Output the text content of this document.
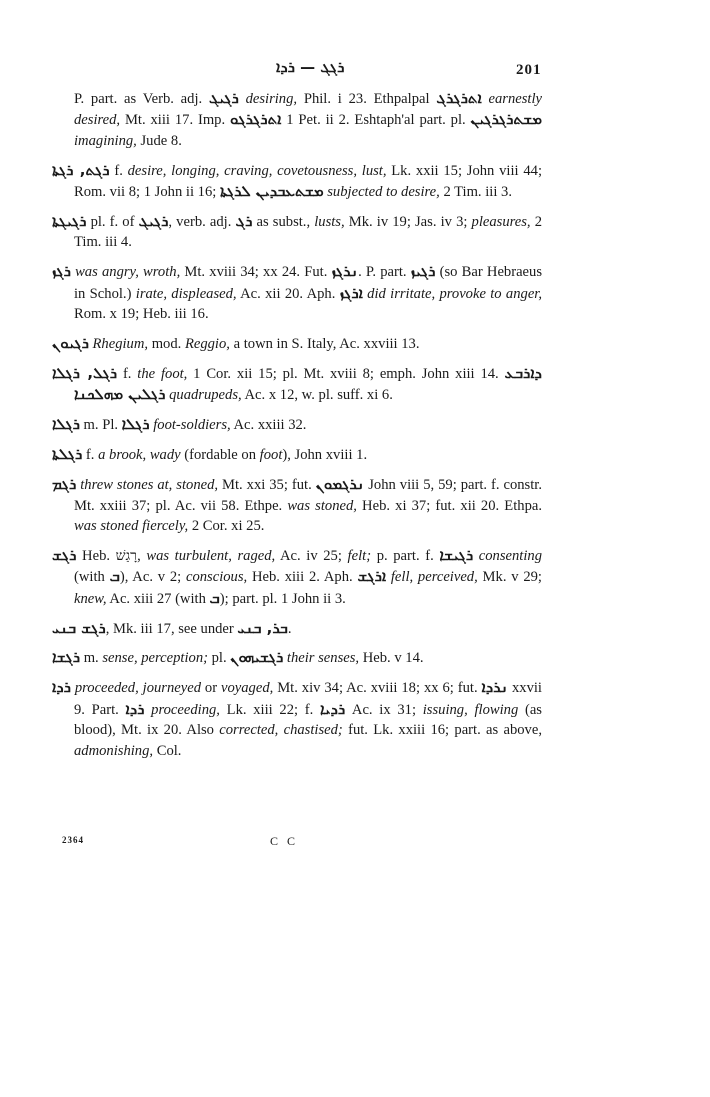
ܪܓܓ — ܪܕܐ	201

P. part. as Verb. adj. ܪܓܝܓ desiring, Phil. i 23. Ethpalpal ܐܬܪܓܪܓ earnestly desired, Mt. xiii 17. Imp. ܐܬܪܓܪܓܘ 1 Pet. ii 2. Eshtaph'al part. pl. ܡܫܬܪܓܪܓܝܢ imagining, Jude 8.

ܪܓܬ, ܪܓܬܐ f. desire, longing, craving, covetousness, lust, Lk. xxii 15; John viii 44; Rom. vii 8; 1 John ii 16; ܡܫܬܥܒܕܝܢ ܠܪܓܬܐ subjected to desire, 2 Tim. iii 3.

ܪܓܝܓܬܐ pl. f. of ܪܓܝܓ, verb. adj. ܪܓ as subst., lusts, Mk. iv 19; Jas. iv 3; pleasures, 2 Tim. iii 4.

ܪܓܙ was angry, wroth, Mt. xviii 34; xx 24. Fut. ܢܪܓܙ. P. part. ܪܓܝܙ (so Bar Hebraeus in Schol.) irate, displeased, Ac. xii 20. Aph. ܐܪܓܙ did irritate, provoke to anger, Rom. x 19; Heb. iii 16.

ܪܓܝܘܢ Rhegium, mod. Reggio, a town in S. Italy, Ac. xxviii 13.

ܪܓܠ, ܪܓܠܐ f. the foot, 1 Cor. xii 15; pl. Mt. xviii 8; emph. John xiii 14. ܕܐܪܒܥ ܪܓܠܝܢ ܡܗܠܟܢܐ quadrupeds, Ac. x 12, w. pl. suff. xi 6.

ܪܓܠܐ m. Pl. ܪܓܠܐ foot-soldiers, Ac. xxiii 32.

ܪܓܠܬܐ f. a brook, wady (fordable on foot), John xviii 1.

ܪܓܡ threw stones at, stoned, Mt. xxi 35; fut. ܢܪܓܡܘܢ John viii 5, 59; part. f. constr. Mt. xxiii 37; pl. Ac. vii 58. Ethpe. was stoned, Heb. xi 37; fut. xii 20. Ethpa. was stoned fiercely, 2 Cor. xi 25.

ܪܓܫ Heb. רָגַשׁ, was turbulent, raged, Ac. iv 25; felt; p. part. f. ܪܓܝܫܐ consenting (with ܒ), Ac. v 2; conscious, Heb. xiii 2. Aph. ܐܪܓܫ fell, perceived, Mk. v 29; knew, Ac. xiii 27 (with ܒ); part. pl. 1 John ii 3.

ܪܓܫ ܒܢܝ, Mk. iii 17, see under ܒܪ, ܒܢܝ.

ܪܓܫܐ m. sense, perception; pl. ܪܓܫܝܗܘܢ their senses, Heb. v 14.

ܪܕܐ proceeded, journeyed or voyaged, Mt. xiv 34; Ac. xviii 18; xx 6; fut. ܢܪܕܐ xxvii 9. Part. ܪܕܐ proceeding, Lk. xiii 22; f. ܪܕܝܐ Ac. ix 31; issuing, flowing (as blood), Mt. ix 20. Also corrected, chastised; fut. Lk. xxiii 16; part. as above, admonishing, Col.

2364	C C
